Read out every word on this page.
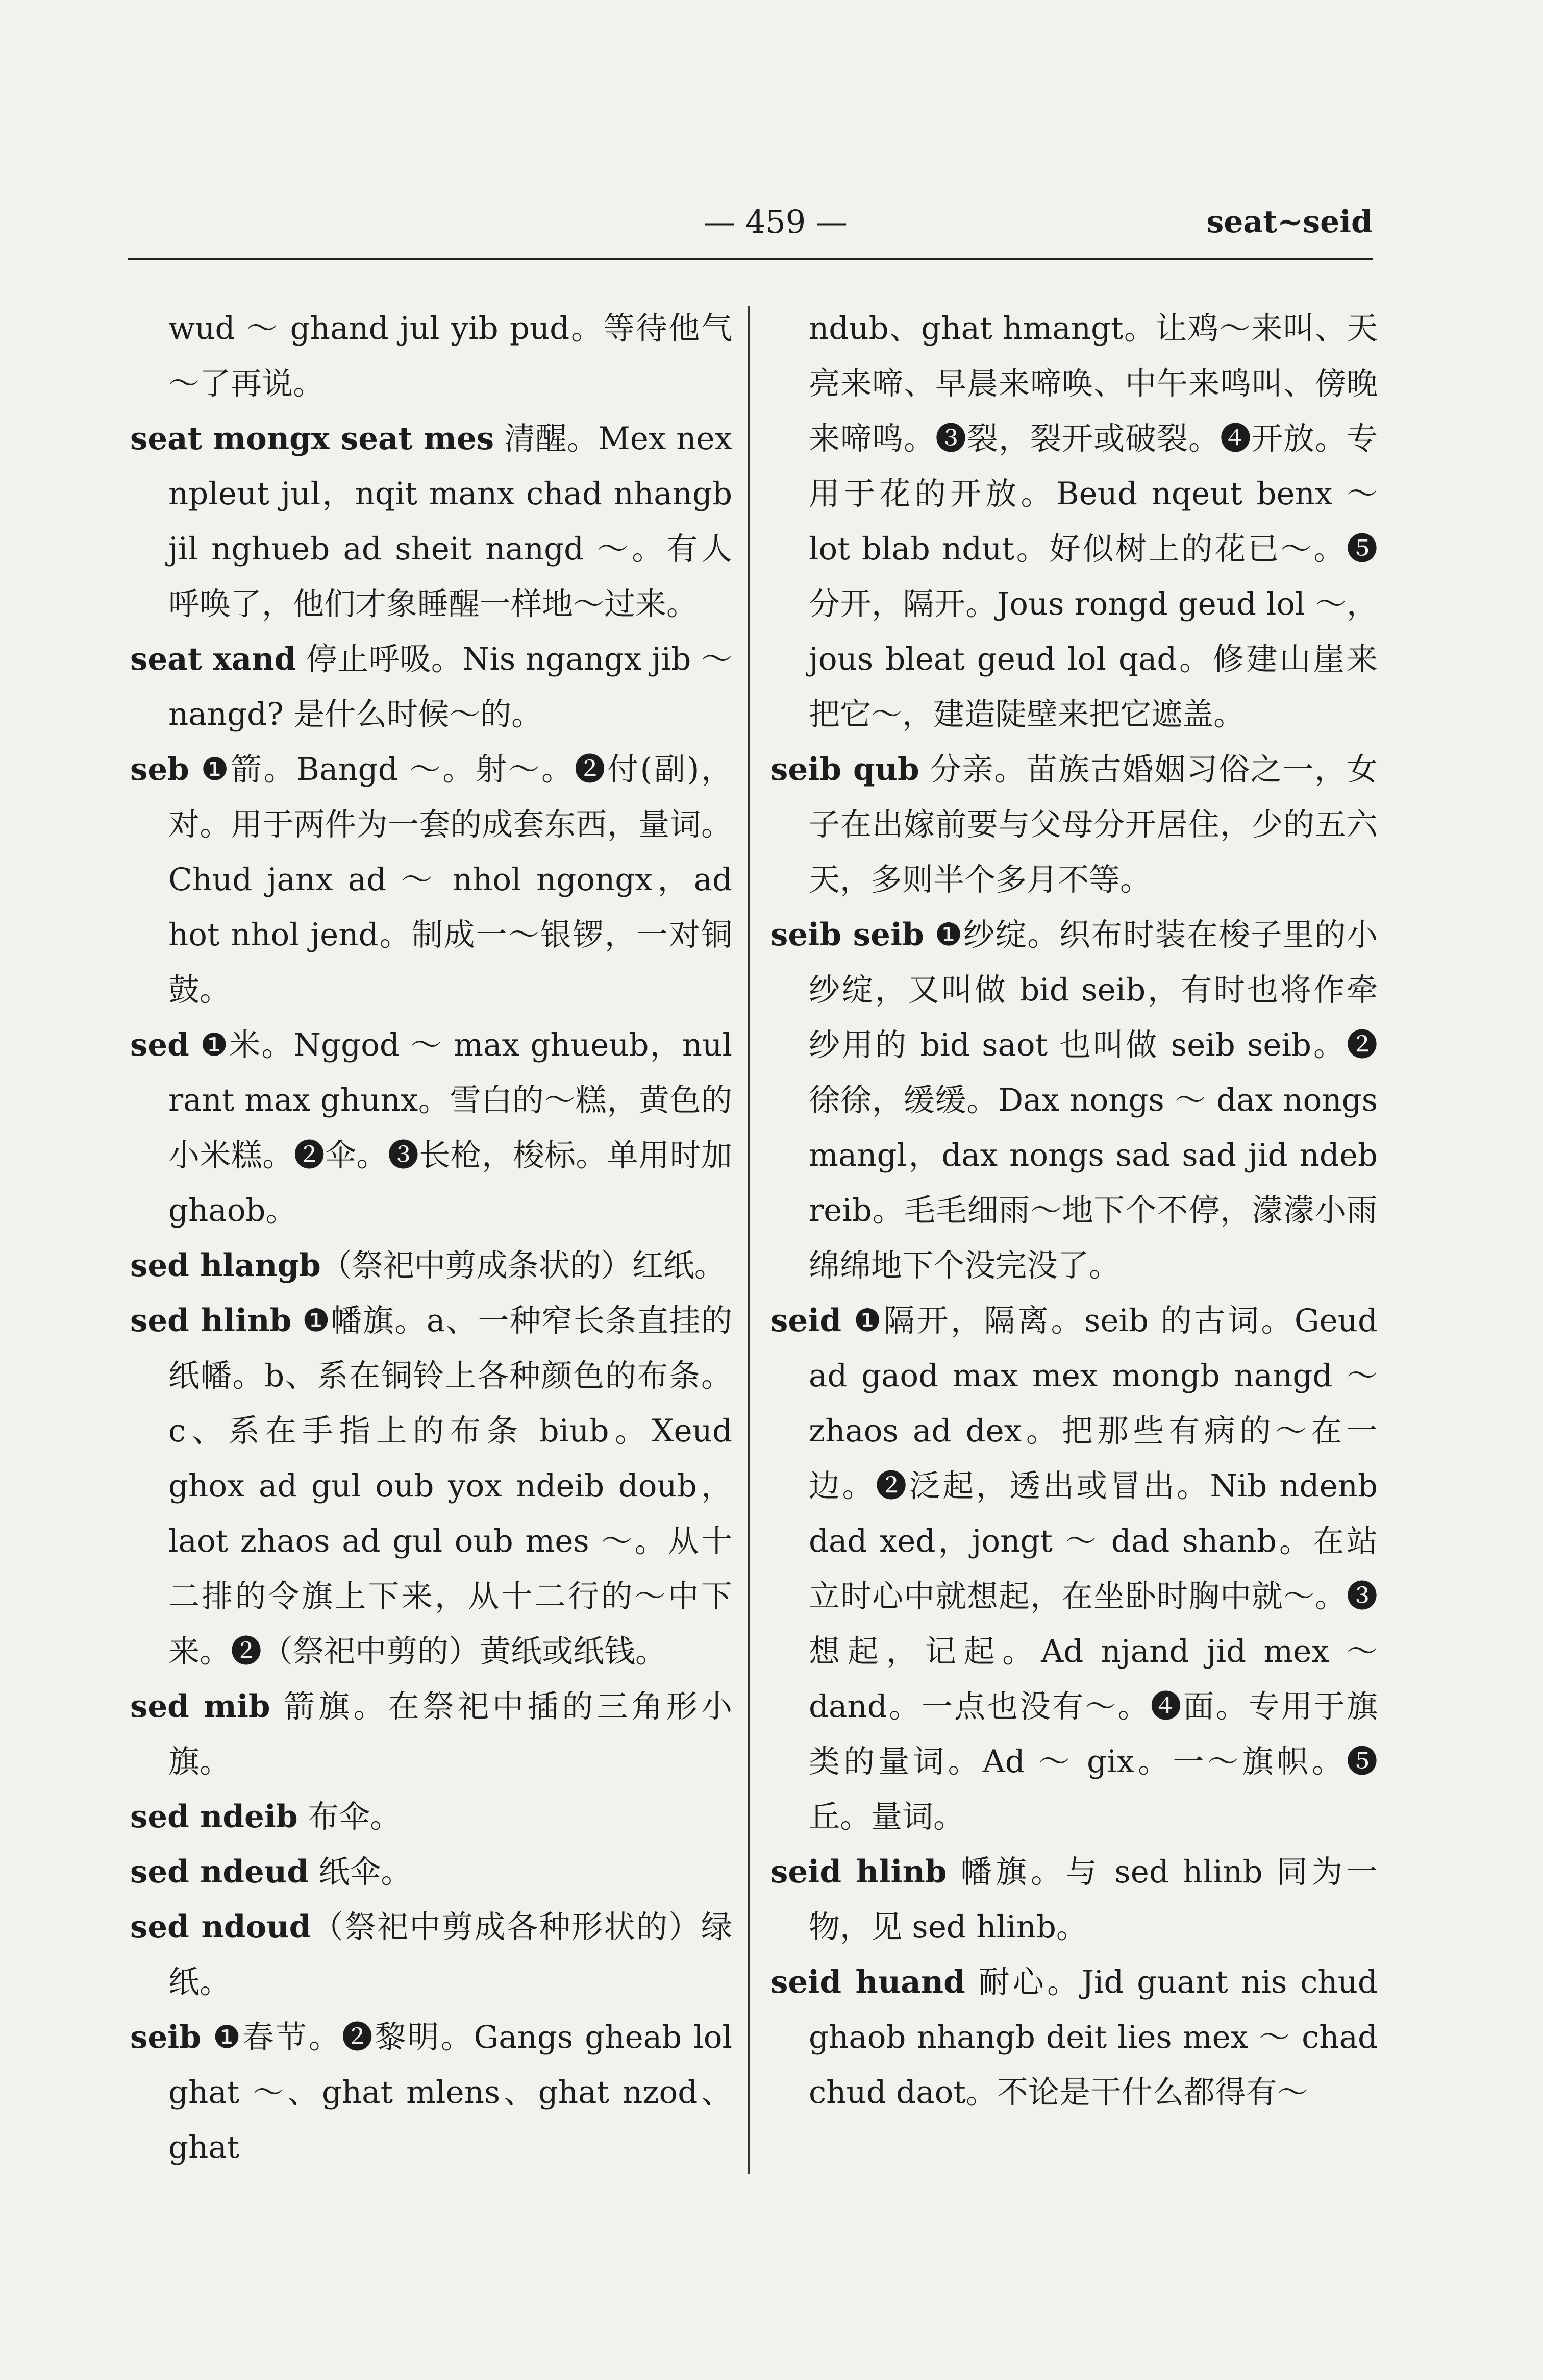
— 459 —	seat~seid

wud ～ ghand jul yib pud。等待他气～了再说。

seat mongx seat mes 清醒。Mex nex npleut jul，nqit manx chad nhangb jil nghueb ad sheit nangd ～。有人呼唤了，他们才象睡醒一样地～过来。

seat xand 停止呼吸。Nis ngangx jib ～ nangd? 是什么时候～的。

seb ❶箭。Bangd ～。射～。❷付(副)，对。用于两件为一套的成套东西，量词。Chud janx ad ～ nhol ngongx，ad hot nhol jend。制成一～银锣，一对铜鼓。

sed ❶米。Nggod ～ max ghueub，nul rant max ghunx。雪白的～糕，黄色的小米糕。❷伞。❸长枪，梭标。单用时加 ghaob。

sed hlangb（祭祀中剪成条状的）红纸。

sed hlinb ❶幡旗。a、一种窄长条直挂的纸幡。b、系在铜铃上各种颜色的布条。c、系在手指上的布条 biub。Xeud ghox ad gul oub yox ndeib doub，laot zhaos ad gul oub mes ～。从十二排的令旗上下来，从十二行的～中下来。❷（祭祀中剪的）黄纸或纸钱。

sed mib 箭旗。在祭祀中插的三角形小旗。

sed ndeib 布伞。

sed ndeud 纸伞。

sed ndoud（祭祀中剪成各种形状的）绿纸。

seib ❶春节。❷黎明。Gangs gheab lol ghat ～、ghat mlens、ghat nzod、ghat

ndub、ghat hmangt。让鸡～来叫、天亮来啼、早晨来啼唤、中午来鸣叫、傍晚来啼鸣。❸裂，裂开或破裂。❹开放。专用于花的开放。Beud nqeut benx ～ lot blab ndut。好似树上的花已～。❺分开，隔开。Jous rongd geud lol ～，jous bleat geud lol qad。修建山崖来把它～，建造陡壁来把它遮盖。

seib qub 分亲。苗族古婚姻习俗之一，女子在出嫁前要与父母分开居住，少的五六天，多则半个多月不等。

seib seib ❶纱绽。织布时装在梭子里的小纱绽，又叫做 bid seib，有时也将作牵纱用的 bid saot 也叫做 seib seib。❷徐徐，缓缓。Dax nongs ～ dax nongs mangl，dax nongs sad sad jid ndeb reib。毛毛细雨～地下个不停，濛濛小雨绵绵地下个没完没了。

seid ❶隔开，隔离。seib 的古词。Geud ad gaod max mex mongb nangd ～ zhaos ad dex。把那些有病的～在一边。❷泛起，透出或冒出。Nib ndenb dad xed，jongt ～ dad shanb。在站立时心中就想起，在坐卧时胸中就～。❸想起，记起。Ad njand jid mex ～ dand。一点也没有～。❹面。专用于旗类的量词。Ad ～ gix。一～旗帜。❺丘。量词。

seid hlinb 幡旗。与 sed hlinb 同为一物，见 sed hlinb。

seid huand 耐心。Jid guant nis chud ghaob nhangb deit lies mex ～ chad chud daot。不论是干什么都得有～
